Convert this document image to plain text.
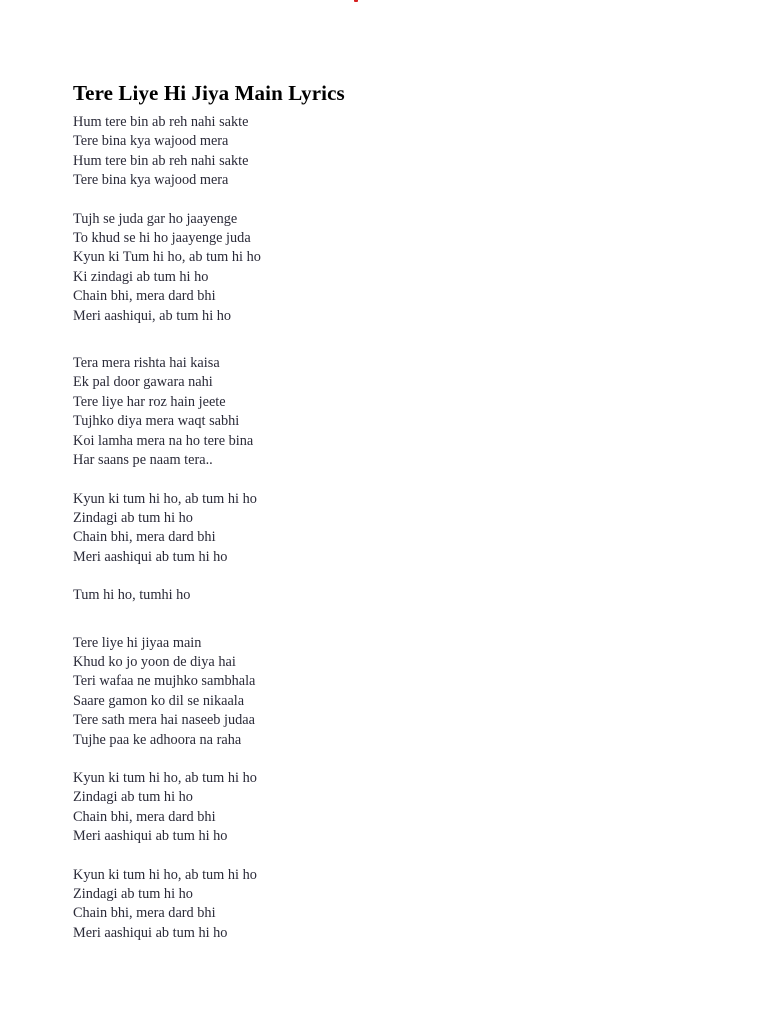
Tere Liye Hi Jiya Main Lyrics
Hum tere bin ab reh nahi sakte
Tere bina kya wajood mera
Hum tere bin ab reh nahi sakte
Tere bina kya wajood mera
Tujh se juda gar ho jaayenge
To khud se hi ho jaayenge juda
Kyun ki Tum hi ho, ab tum hi ho
Ki zindagi ab tum hi ho
Chain bhi, mera dard bhi
Meri aashiqui, ab tum hi ho
Tera mera rishta hai kaisa
Ek pal door gawara nahi
Tere liye har roz hain jeete
Tujhko diya mera waqt sabhi
Koi lamha mera na ho tere bina
Har saans pe naam tera..
Kyun ki tum hi ho, ab tum hi ho
Zindagi ab tum hi ho
Chain bhi, mera dard bhi
Meri aashiqui ab tum hi ho
Tum hi ho, tumhi ho
Tere liye hi jiyaa main
Khud ko jo yoon de diya hai
Teri wafaa ne mujhko sambhala
Saare gamon ko dil se nikaala
Tere sath mera hai naseeb judaa
Tujhe paa ke adhoora na raha
Kyun ki tum hi ho, ab tum hi ho
Zindagi ab tum hi ho
Chain bhi, mera dard bhi
Meri aashiqui ab tum hi ho
Kyun ki tum hi ho, ab tum hi ho
Zindagi ab tum hi ho
Chain bhi, mera dard bhi
Meri aashiqui ab tum hi ho
